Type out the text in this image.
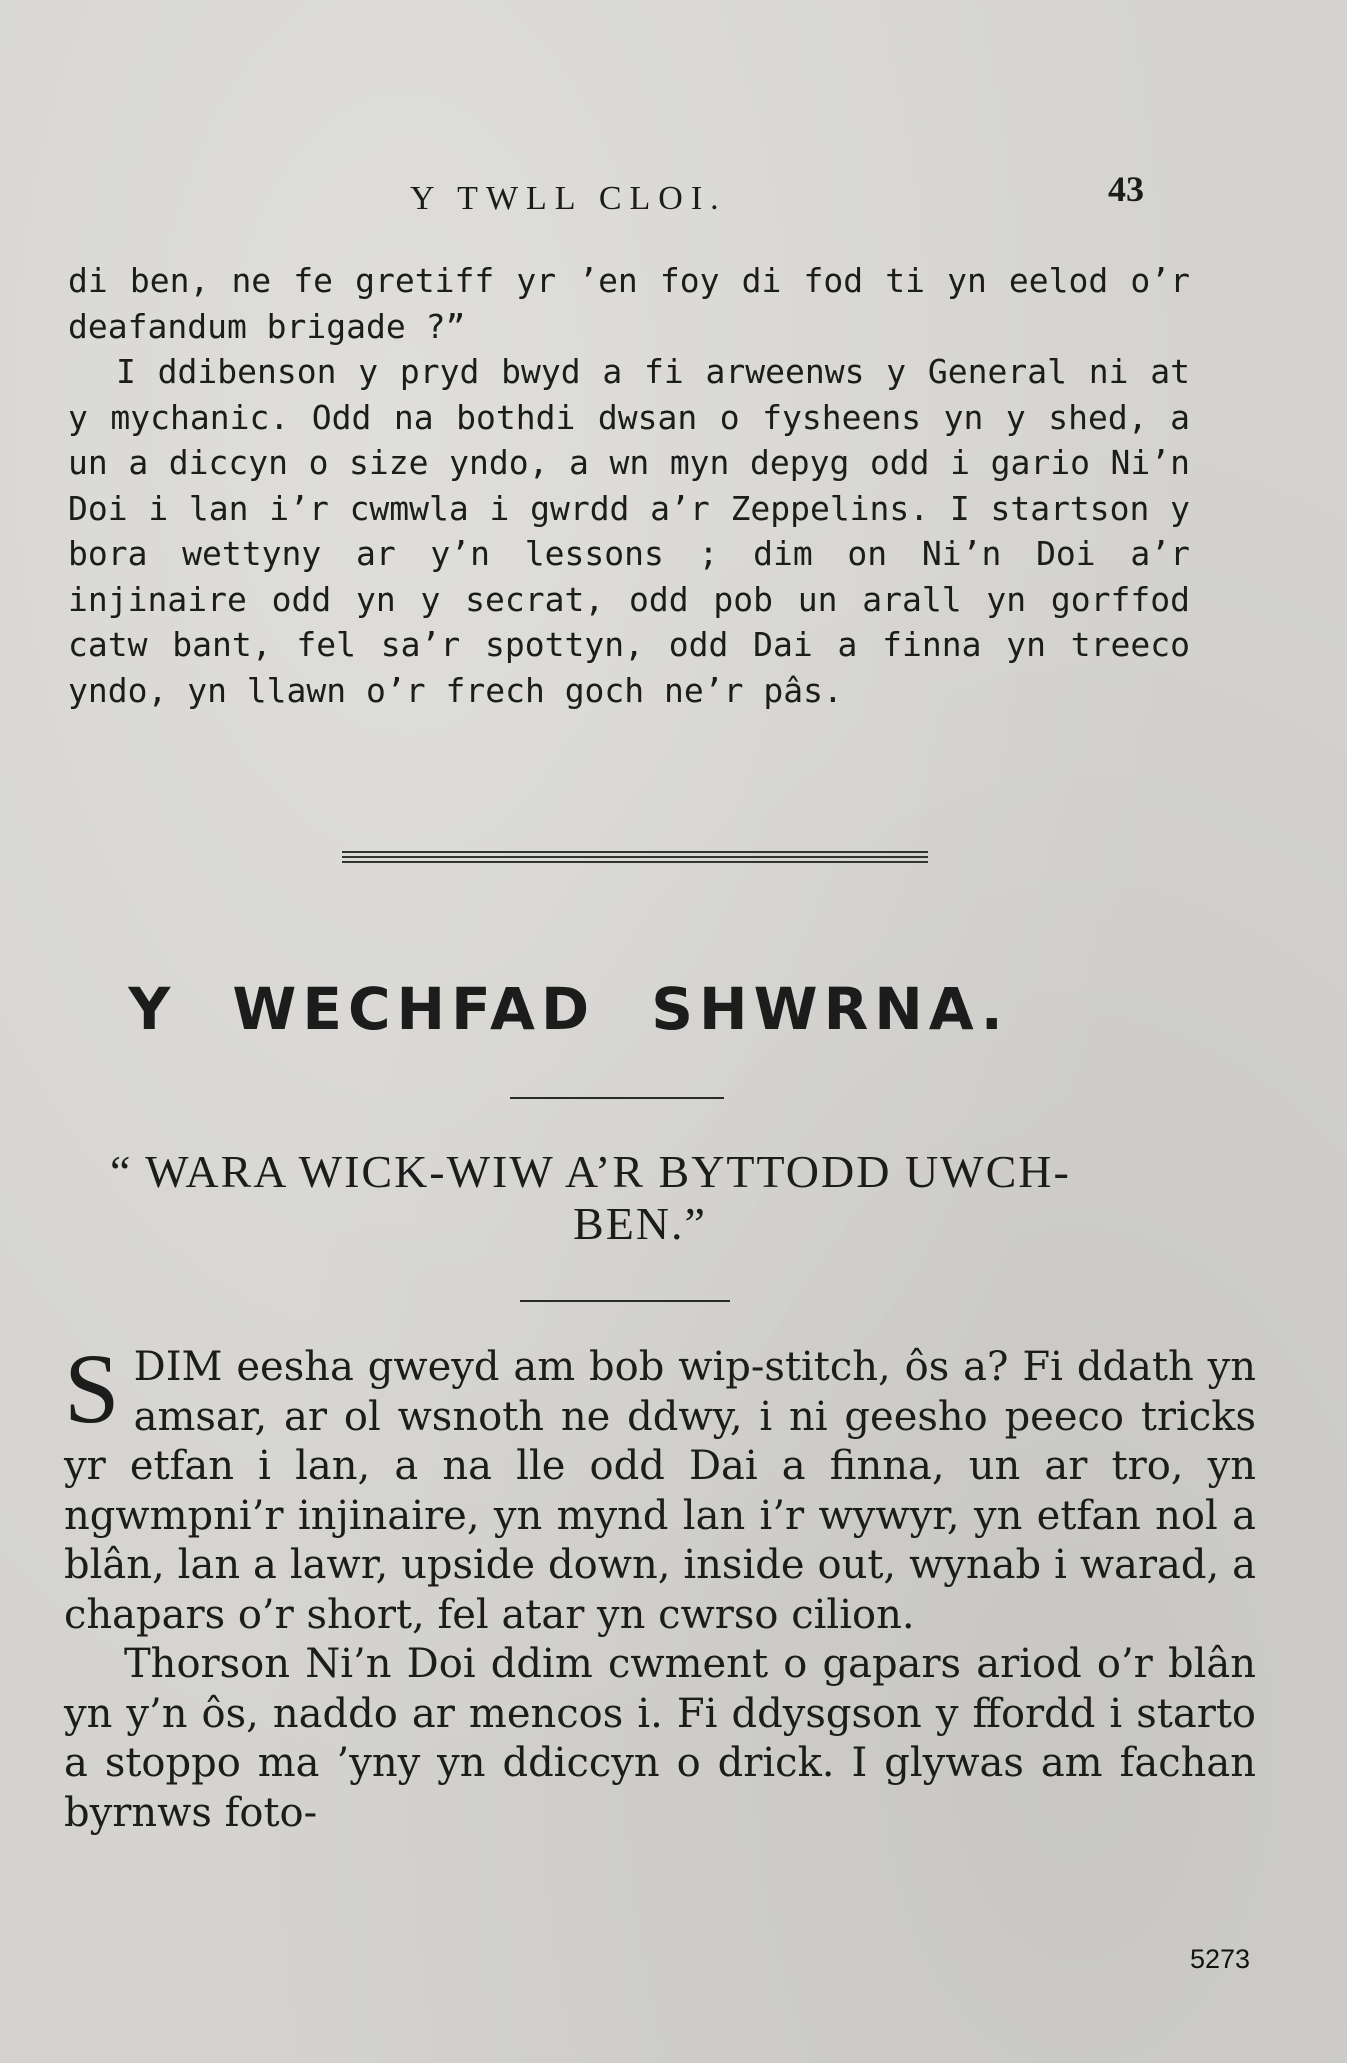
Y TWLL CLOI.	43

di ben, ne fe gretiff yr ’en foy di fod ti yn eelod o’r deafandum brigade ?”

I ddibenson y pryd bwyd a fi arweenws y General ni at y mychanic. Odd na bothdi dwsan o fysheens yn y shed, a un a diccyn o size yndo, a wn myn depyg odd i gario Ni’n Doi i lan i’r cwmwla i gwrdd a’r Zeppelins. I startson y bora wettyny ar y’n lessons ; dim on Ni’n Doi a’r injinaire odd yn y secrat, odd pob un arall yn gorffod catw bant, fel sa’r spottyn, odd Dai a finna yn treeco yndo, yn llawn o’r frech goch ne’r pâs.

Y WECHFAD SHWRNA.
“ WARA WICK-WIW A’R BYTTODD UWCH-
BEN.”

SDIM eesha gweyd am bob wip-stitch, ôs a? Fi ddath yn amsar, ar ol wsnoth ne ddwy, i ni geesho peeco tricks yr etfan i lan, a na lle odd Dai a finna, un ar tro, yn ngwmpni’r injinaire, yn mynd lan i’r wywyr, yn etfan nol a blân, lan a lawr, upside down, inside out, wynab i warad, a chapars o’r short, fel atar yn cwrso cilion.

Thorson Ni’n Doi ddim cwment o gapars ariod o’r blân yn y’n ôs, naddo ar mencos i. Fi ddysgson y ffordd i starto a stoppo ma ’yny yn ddiccyn o drick. I glywas am fachan byrnws foto-

5273
